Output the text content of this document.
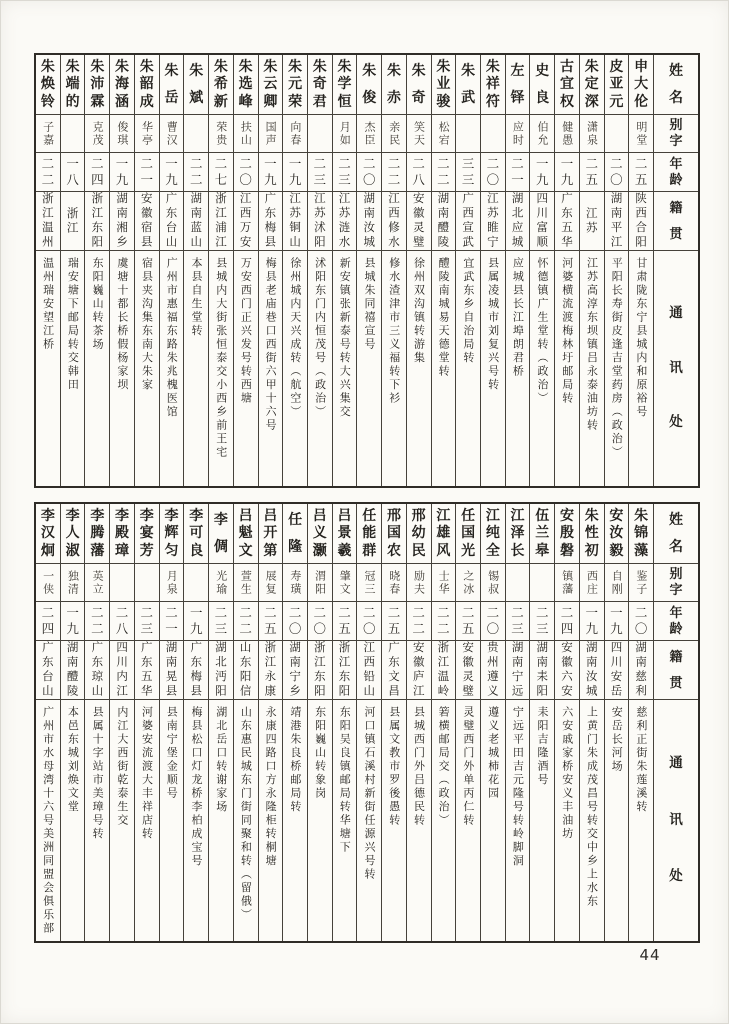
姓
名
别
字
年
龄
籍
贯
通
讯
处
申
大
伦
明堂
二
五
陕西合阳
甘肃陇东宁县城内和原裕号
皮
亚
元
二
〇
湖南平江
平阳长寿街皮逢吉堂药房（政治）
朱
定
深
潇泉
二
五
江苏
江苏高淳东坝镇吕永泰油坊转
古
宜
权
健愚
一
九
广东五华
河婆横流渡梅林圩邮局转
史
良
伯允
一
九
四川富顺
怀德镇广生堂转（政治）
左
铎
应时
二
一
湖北应城
应城县长江埠朗君桥
朱
祥
符
二
〇
江苏睢宁
县属凌城市刘复兴号转
朱
武
三
三
广西宣武
宜武东乡自治局转
朱
业
骏
松宕
二
二
湖南醴陵
醴陵南城易天德堂转
朱
奇
笑天
二
八
安徽灵璧
徐州双沟镇转游集
朱
赤
亲民
二
二
江西修水
修水渣津市三义福转下衫
朱
俊
杰臣
二
〇
湖南汝城
县城朱同禧宣号
朱
学
恒
月如
二
三
江苏涟水
新安镇张新泰号转大兴集交
朱
奇
君
二
三
江苏沭阳
沭阳东门内恒茂号（政治）
朱
元
荣
向春
一
九
江苏铜山
徐州城内天兴成转（航空）
朱
云
卿
国声
一
九
广东梅县
梅县老庙巷口西街六甲十六号
朱
选
峰
扶山
二
〇
江西万安
万安西门正兴发号转西塘
朱
希
新
荣贵
二
七
浙江浦江
县城内大街张恒泰交小西乡前王宅
朱
斌
二
二
湖南蓝山
本县自生堂转
朱
岳
曹汉
一
九
广东台山
广州市惠福东路朱兆槐医馆
朱
韶
成
华亭
二
一
安徽宿县
宿县夹沟集东南大朱家
朱
海
涵
俊琪
一
九
湖南湘乡
虞塘十都长桥假杨家坝
朱
沛
霖
克茂
二
四
浙江东阳
东阳巍山转茶场
朱
端
的
一
八
浙江
瑞安塘下邮局转交韩田
朱
焕
铃
子嘉
二
二
浙江温州
温州瑞安望江桥
姓
名
别
字
年
龄
籍
贯
通
讯
处
朱
锦
藻
鉴子
二
〇
湖南慈利
慈利正街朱莲溪转
安
汝
毅
自刚
一
九
四川安岳
安岳长河场
朱
性
初
西庄
一
九
湖南汝城
上黄门朱成茂昌号转交中乡上水东
安
殷
磐
镇藩
二
四
安徽六安
六安戚家桥安义丰油坊
伍
兰
皋
二
三
湖南耒阳
耒阳吉隆酒号
江
泽
长
二
三
湖南宁远
宁远平田吉元隆号转岭脚洞
江
纯
全
锡叔
二
〇
贵州遵义
遵义老城柿花园
任
国
光
之冰
二
五
安徽灵璧
灵璧西门外单丙仁转
江
雄
风
士华
二
二
浙江温岭
箬横邮局交（政治）
邢
幼
民
励夫
二
二
安徽庐江
县城西门外吕德民转
邢
国
农
晓春
二
五
广东文昌
县属文教市罗後愚转
任
能
群
冠三
二
〇
江西铅山
河口镇石溪村新街任源兴号转
吕
景
羲
肇文
二
五
浙江东阳
东阳吴良镇邮局转华塘下
吕
义
灏
渭阳
二
〇
浙江东阳
东阳巍山转象岗
任
隆
寿璜
二
〇
湖南宁乡
靖港朱良桥邮局转
吕
开
第
展复
二
五
浙江永康
永康四路口方永隆柜转桐塘
吕
魁
文
萱生
二
二
山东阳信
山东惠民城东门街同聚和转（留俄）
李
倜
光瑜
二
三
湖北沔阳
湖北岳口转谢家场
李
可
良
一
九
广东梅县
梅县松口灯龙桥李柏成宝号
李
辉
匀
月泉
二
一
湖南晃县
县南宁堡金顺号
李
宴
芳
二
三
广东五华
河婆安流渡大丰祥店转
李
殿
璋
二
八
四川内江
内江大西街乾泰生交
李
腾
藩
英立
二
二
广东琼山
县属十字站市美璋号转
李
人
淑
独清
一
九
湖南醴陵
本邑东城刘焕文堂
李
汉
炯
一侠
二
四
广东台山
广州市水母湾十六号美洲同盟会俱乐部
44
